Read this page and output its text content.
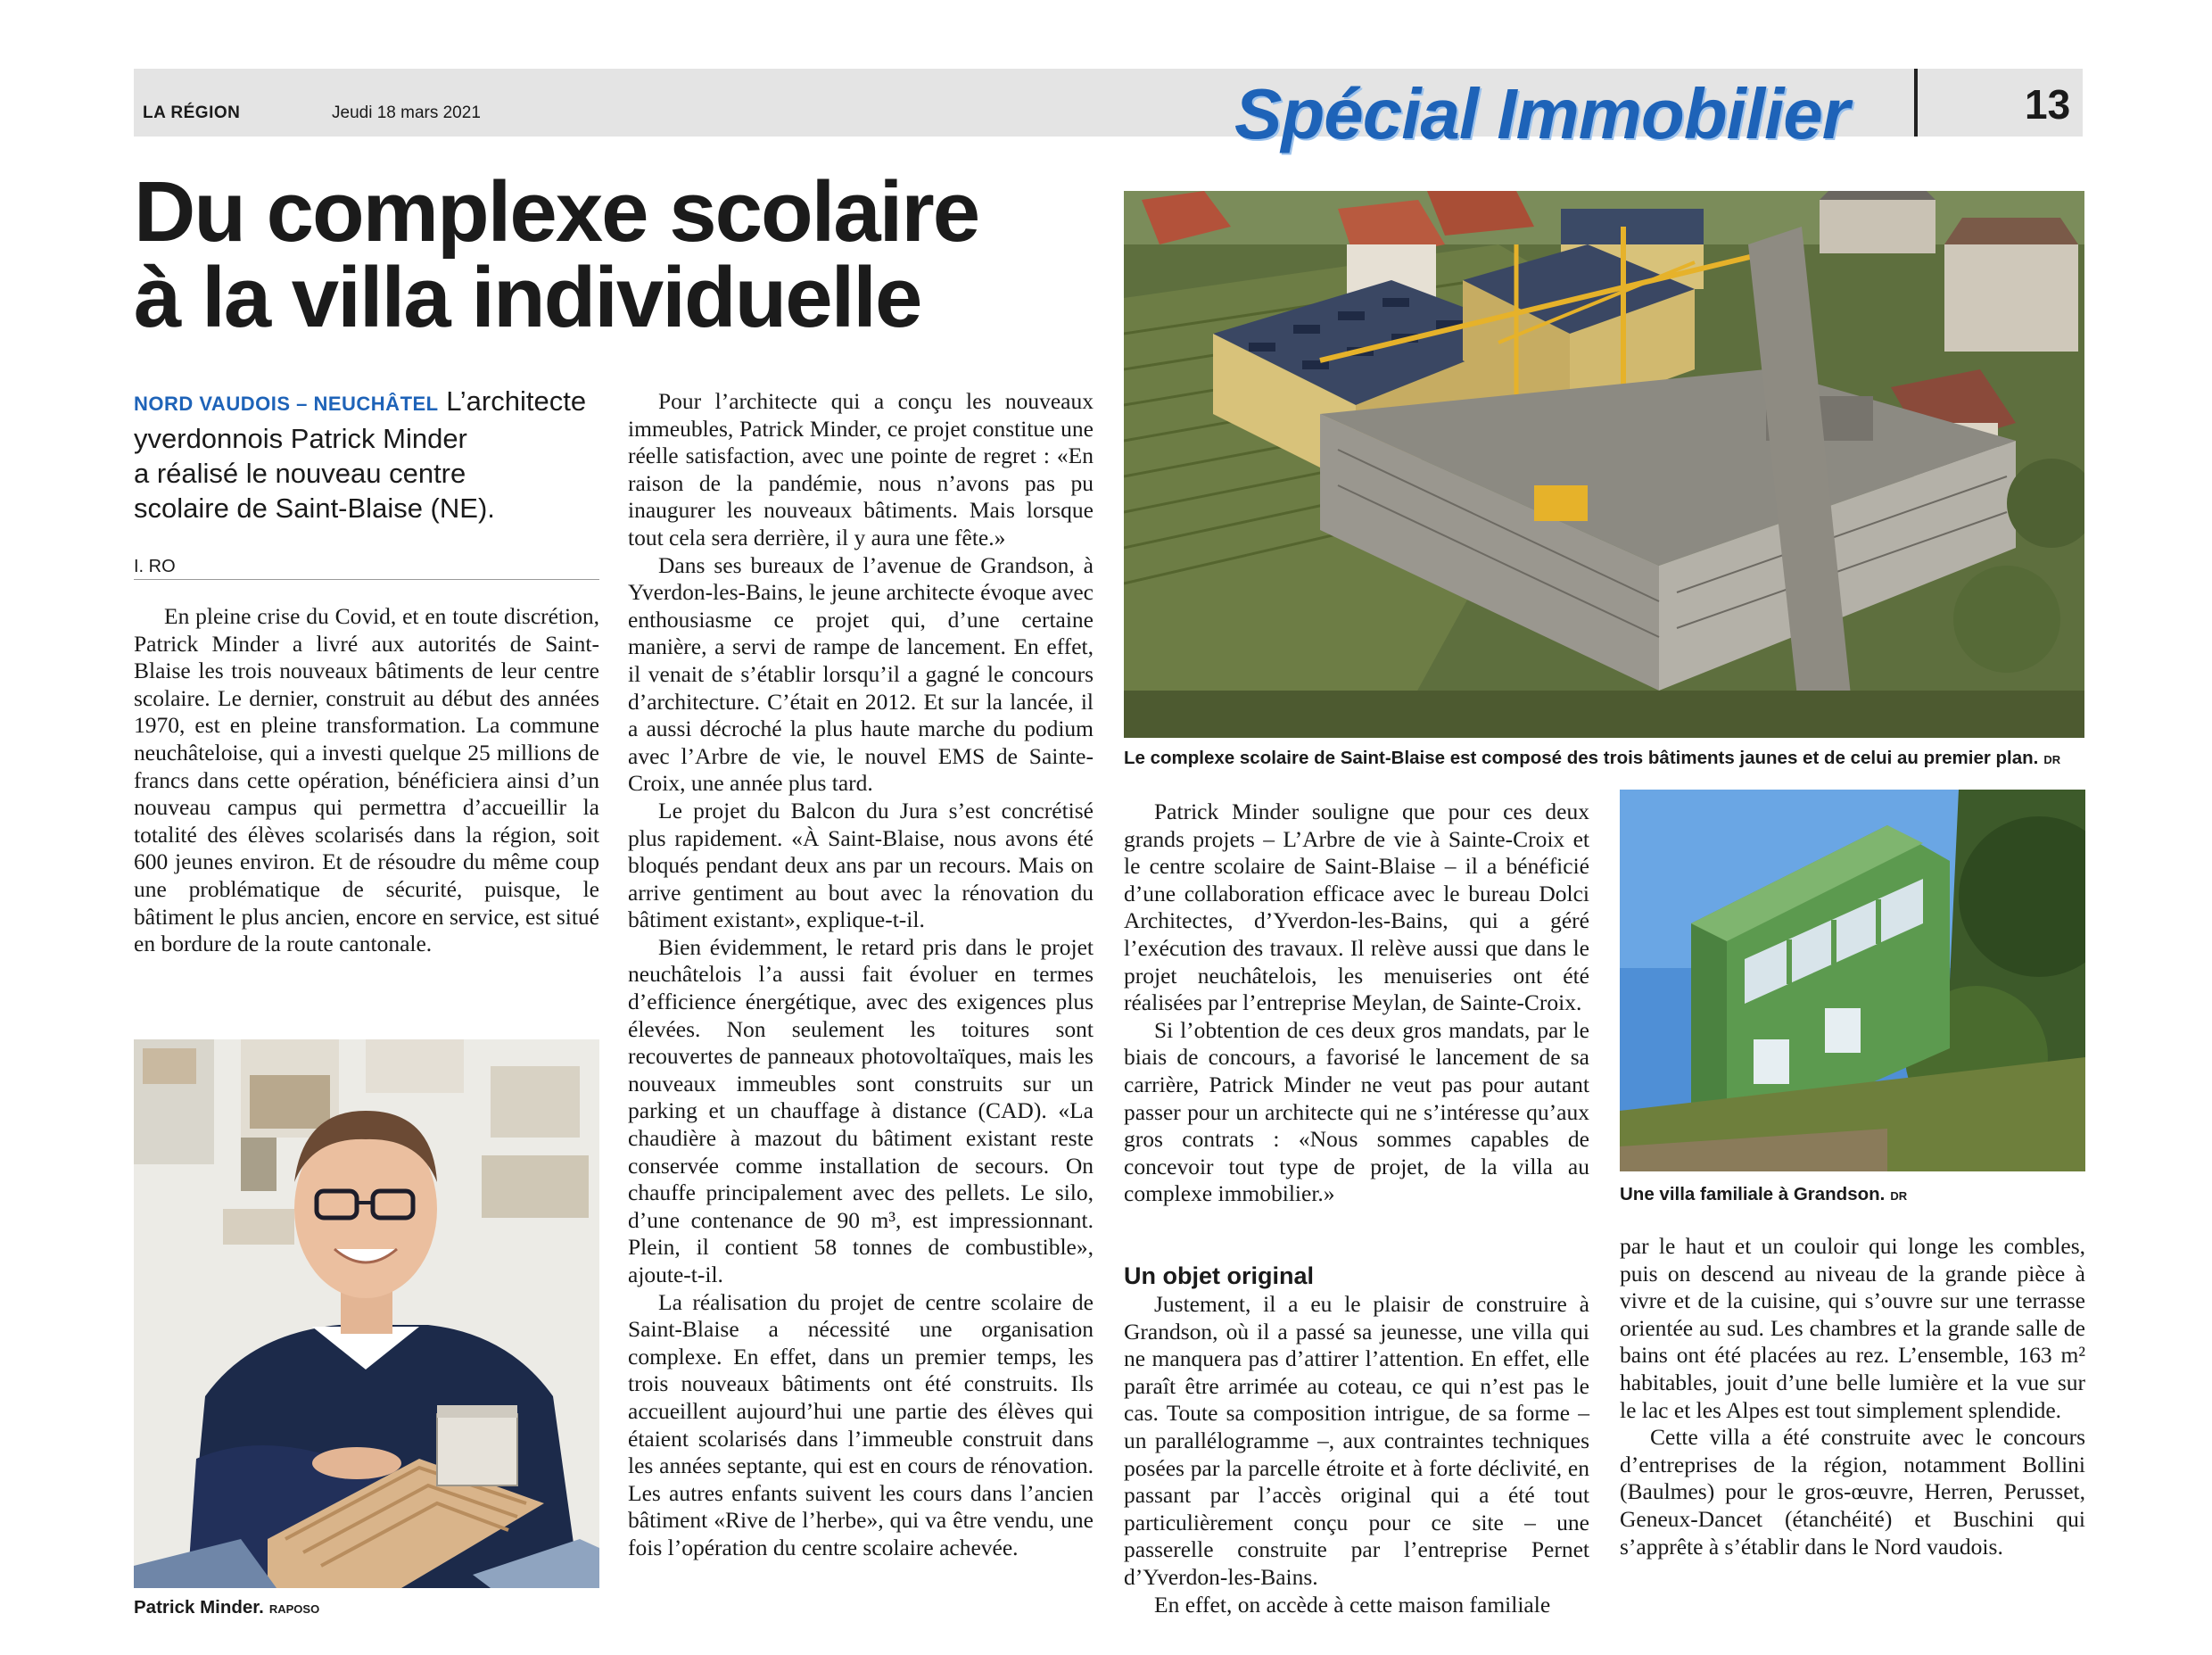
LA RÉGION	Jeudi 18 mars 2021	Spécial Immobilier	13
Du complexe scolaire
à la villa individuelle
NORD VAUDOIS – NEUCHÂTEL L’architecte
yverdonnois Patrick Minder
a réalisé le nouveau centre
scolaire de Saint-Blaise (NE).
I. RO

En pleine crise du Covid, et en toute discrétion, Patrick Minder a livré aux autorités de Saint-Blaise les trois nouveaux bâtiments de leur centre scolaire. Le dernier, construit au début des années 1970, est en pleine transformation. La commune neuchâteloise, qui a investi quelque 25 millions de francs dans cette opération, bénéficiera ainsi d’un nouveau campus qui permettra d’accueillir la totalité des élèves scolarisés dans la région, soit 600 jeunes environ. Et de résoudre du même coup une problématique de sécurité, puisque, le bâtiment le plus ancien, encore en service, est situé en bordure de la route cantonale.

Patrick Minder. RAPOSO

Pour l’architecte qui a conçu les nouveaux immeubles, Patrick Minder, ce projet constitue une réelle satisfaction, avec une pointe de regret : «En raison de la pandémie, nous n’avons pas pu inaugurer les nouveaux bâtiments. Mais lorsque tout cela sera derrière, il y aura une fête.»

Dans ses bureaux de l’avenue de Grandson, à Yverdon-les-Bains, le jeune architecte évoque avec enthousiasme ce projet qui, d’une certaine manière, a servi de rampe de lancement. En effet, il venait de s’établir lorsqu’il a gagné le concours d’architecture. C’était en 2012. Et sur la lancée, il a aussi décroché la plus haute marche du podium avec l’Arbre de vie, le nouvel EMS de Sainte-Croix, une année plus tard.

Le projet du Balcon du Jura s’est concrétisé plus rapidement. «À Saint-Blaise, nous avons été bloqués pendant deux ans par un recours. Mais on arrive gentiment au bout avec la rénovation du bâtiment existant», explique-t-il.

Bien évidemment, le retard pris dans le projet neuchâtelois l’a aussi fait évoluer en termes d’efficience énergétique, avec des exigences plus élevées. Non seulement les toitures sont recouvertes de panneaux photovoltaïques, mais les nouveaux immeubles sont construits sur un parking et un chauffage à distance (CAD). «La chaudière à mazout du bâtiment existant reste conservée comme installation de secours. On chauffe principalement avec des pellets. Le silo, d’une contenance de 90 m³, est impressionnant. Plein, il contient 58 tonnes de combustible», ajoute-t-il.

La réalisation du projet de centre scolaire de Saint-Blaise a nécessité une organisation complexe. En effet, dans un premier temps, les trois nouveaux bâtiments ont été construits. Ils accueillent aujourd’hui une partie des élèves qui étaient scolarisés dans l’immeuble construit dans les années septante, qui est en cours de rénovation. Les autres enfants suivent les cours dans l’ancien bâtiment «Rive de l’herbe», qui va être vendu, une fois l’opération du centre scolaire achevée.

Le complexe scolaire de Saint-Blaise est composé des trois bâtiments jaunes et de celui au premier plan. DR

Patrick Minder souligne que pour ces deux grands projets – L’Arbre de vie à Sainte-Croix et le centre scolaire de Saint-Blaise – il a bénéficié d’une collaboration efficace avec le bureau Dolci Architectes, d’Yverdon-les-Bains, qui a géré l’exécution des travaux. Il relève aussi que dans le projet neuchâtelois, les menuiseries ont été réalisées par l’entreprise Meylan, de Sainte-Croix.

Si l’obtention de ces deux gros mandats, par le biais de concours, a favorisé le lancement de sa carrière, Patrick Minder ne veut pas pour autant passer pour un architecte qui ne s’intéresse qu’aux gros contrats : «Nous sommes capables de concevoir tout type de projet, de la villa au complexe immobilier.»	Une villa familiale à Grandson. DR

Un objet original

Justement, il a eu le plaisir de construire à Grandson, où il a passé sa jeunesse, une villa qui ne manquera pas d’attirer l’attention. En effet, elle paraît être arrimée au coteau, ce qui n’est pas le cas. Toute sa composition intrigue, de sa forme – un parallélogramme –, aux contraintes techniques posées par la parcelle étroite et à forte déclivité, en passant par l’accès original qui a été tout particulièrement conçu pour ce site – une passerelle construite par l’entreprise Pernet d’Yverdon-les-Bains.

En effet, on accède à cette maison familiale

par le haut et un couloir qui longe les combles, puis on descend au niveau de la grande pièce à vivre et de la cuisine, qui s’ouvre sur une terrasse orientée au sud. Les chambres et la grande salle de bains ont été placées au rez. L’ensemble, 163 m² habitables, jouit d’une belle lumière et la vue sur le lac et les Alpes est tout simplement splendide.

Cette villa a été construite avec le concours d’entreprises de la région, notamment Bollini (Baulmes) pour le gros-œuvre, Herren, Perusset, Geneux-Dancet (étanchéité) et Buschini qui s’apprête à s’établir dans le Nord vaudois.
